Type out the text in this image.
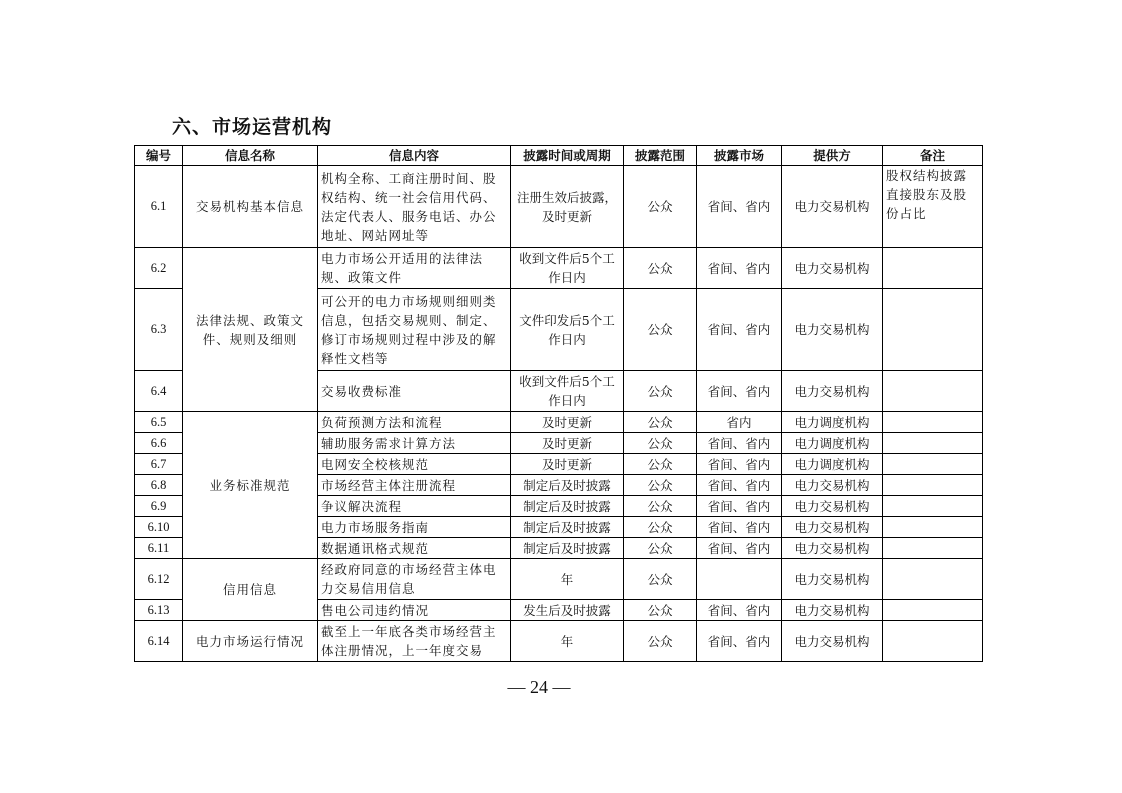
六、市场运营机构
编号	信息名称	信息内容	披露时间或周期	披露范围	披露市场	提供方	备注
6.1	交易机构基本信息	机构全称、工商注册时间、股权结构、统一社会信用代码、法定代表人、服务电话、办公地址、网站网址等	注册生效后披露，及时更新	公众	省间、省内	电力交易机构	股权结构披露直接股东及股份占比
6.2	法律法规、政策文件、规则及细则	电力市场公开适用的法律法规、政策文件	收到文件后5个工作日内	公众	省间、省内	电力交易机构	
6.3		可公开的电力市场规则细则类信息，包括交易规则、制定、修订市场规则过程中涉及的解释性文档等	文件印发后5个工作日内	公众	省间、省内	电力交易机构	
6.4		交易收费标准	收到文件后5个工作日内	公众	省间、省内	电力交易机构	
6.5	业务标准规范	负荷预测方法和流程	及时更新	公众	省内	电力调度机构	
6.6		辅助服务需求计算方法	及时更新	公众	省间、省内	电力调度机构	
6.7		电网安全校核规范	及时更新	公众	省间、省内	电力调度机构	
6.8		市场经营主体注册流程	制定后及时披露	公众	省间、省内	电力交易机构	
6.9		争议解决流程	制定后及时披露	公众	省间、省内	电力交易机构	
6.10		电力市场服务指南	制定后及时披露	公众	省间、省内	电力交易机构	
6.11		数据通讯格式规范	制定后及时披露	公众	省间、省内	电力交易机构	
6.12	信用信息	经政府同意的市场经营主体电力交易信用信息	年	公众		电力交易机构	
6.13		售电公司违约情况	发生后及时披露	公众	省间、省内	电力交易机构	
6.14	电力市场运行情况	截至上一年底各类市场经营主体注册情况，上一年度交易	年	公众	省间、省内	电力交易机构	
— 24 —
